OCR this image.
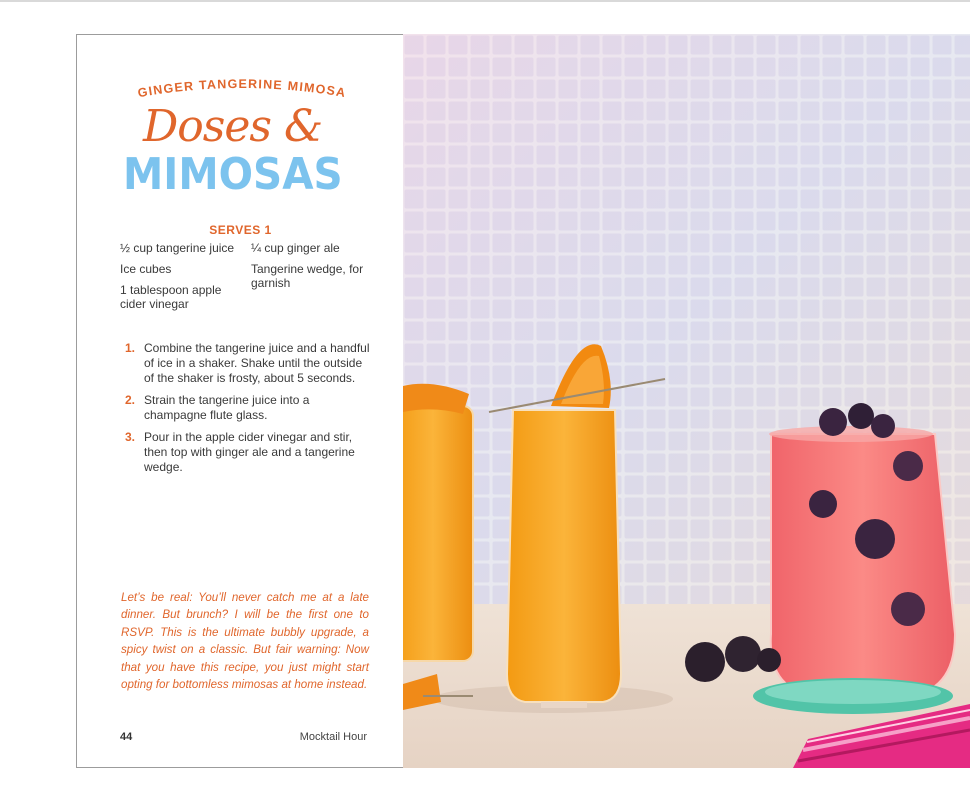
GINGER TANGERINE MIMOSA
Doses &
MIMOSAS
SERVES 1
½ cup tangerine juice
Ice cubes
1 tablespoon apple cider vinegar
¼ cup ginger ale
Tangerine wedge, for garnish
1. Combine the tangerine juice and a handful of ice in a shaker. Shake until the outside of the shaker is frosty, about 5 seconds.
2. Strain the tangerine juice into a champagne flute glass.
3. Pour in the apple cider vinegar and stir, then top with ginger ale and a tangerine wedge.
Let’s be real: You’ll never catch me at a late dinner. But brunch? I will be the first one to RSVP. This is the ultimate bubbly upgrade, a spicy twist on a classic. But fair warning: Now that you have this recipe, you just might start opting for bottomless mimosas at home instead.
44	Mocktail Hour
